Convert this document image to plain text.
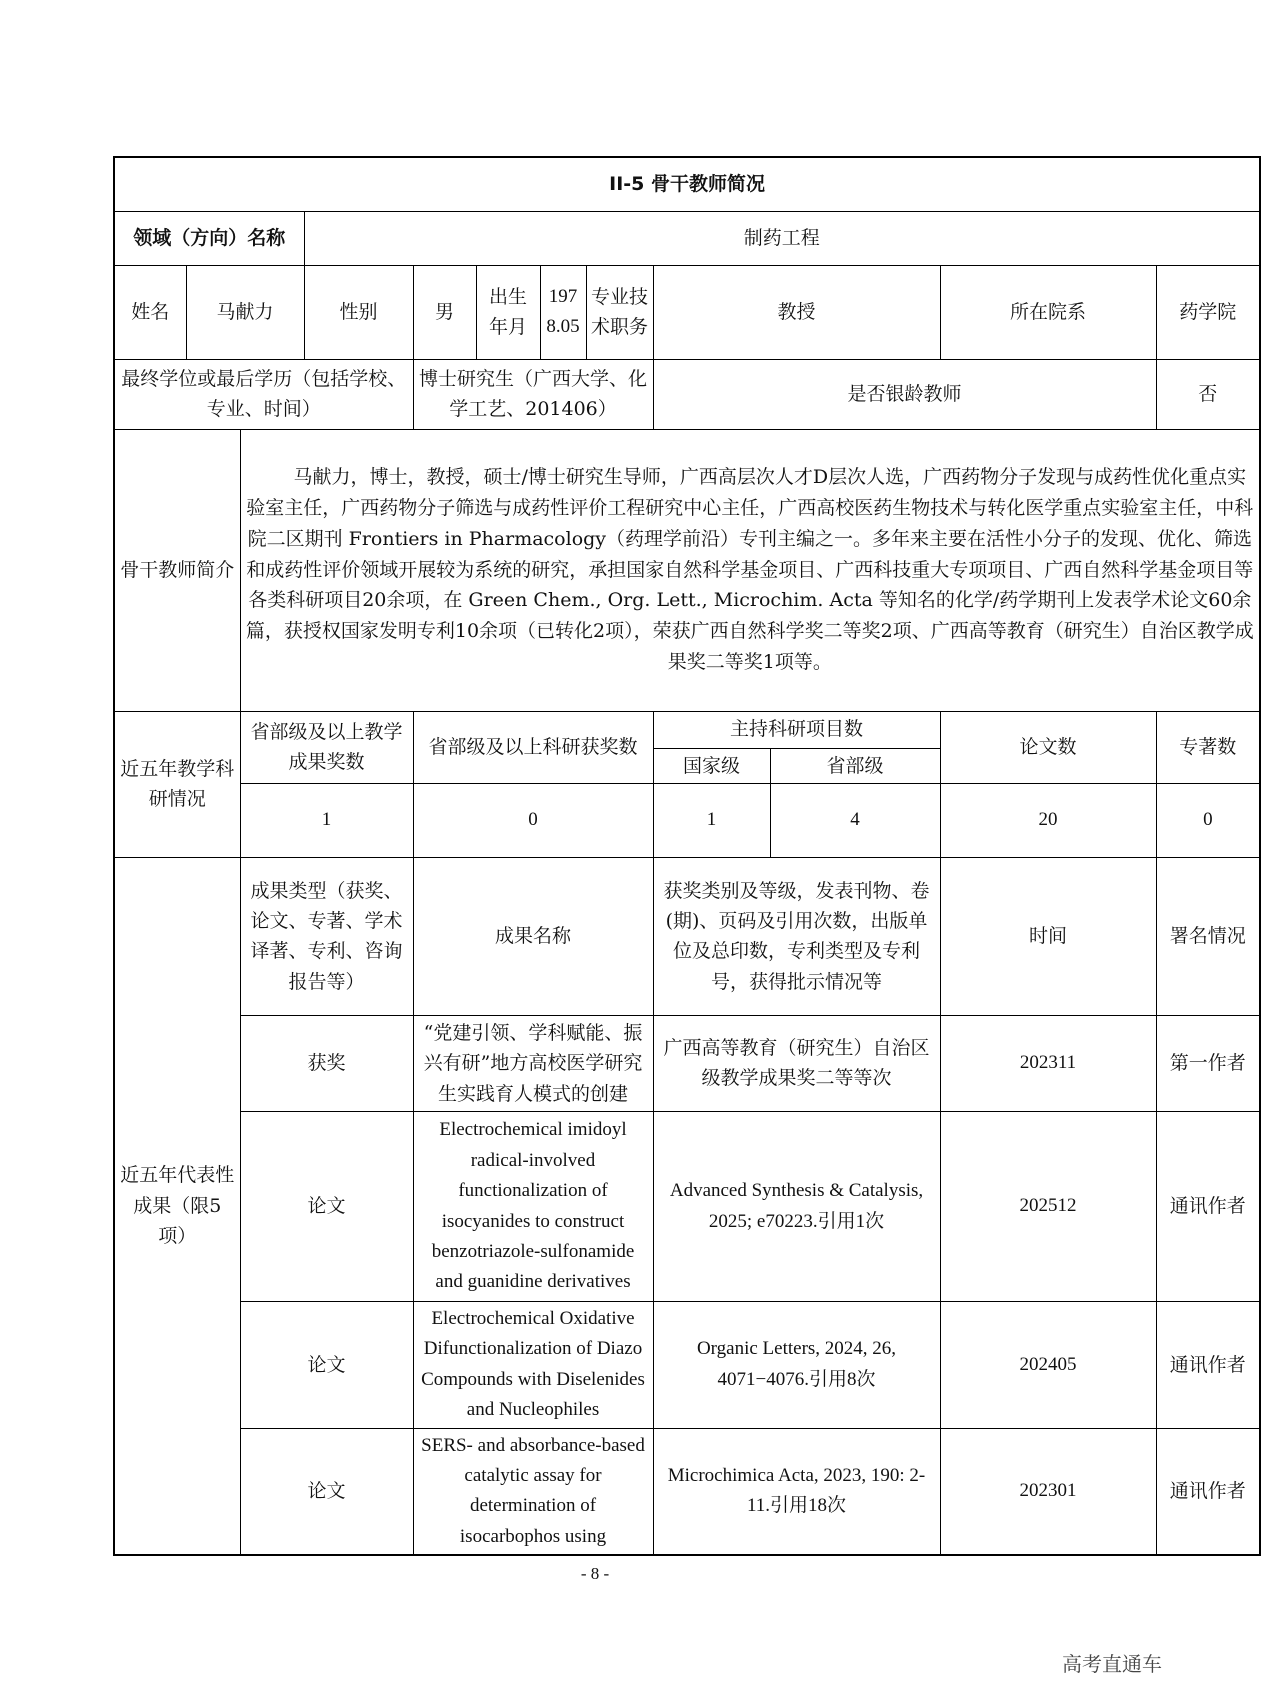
II-5 骨干教师简况											
领域（方向）名称			制药工程								
姓名	马献力		性别	男	出生年月	1978.05	专业技术职务	教授		所在院系	药学院
最终学位或最后学历（包括学校、专业、时间）				博士研究生（广西大学、化学工艺、201406）				是否银龄教师			否
骨干教师简介		马献力，博士，教授，硕士/博士研究生导师，广西高层次人才D层次人选，广西药物分子发现与成药性优化重点实验室主任，广西药物分子筛选与成药性评价工程研究中心主任，广西高校医药生物技术与转化医学重点实验室主任，中科院二区期刊 Frontiers in Pharmacology（药理学前沿）专刊主编之一。多年来主要在活性小分子的发现、优化、筛选和成药性评价领域开展较为系统的研究，承担国家自然科学基金项目、广西科技重大专项项目、广西自然科学基金项目等各类科研项目20余项，在 Green Chem., Org. Lett., Microchim. Acta 等知名的化学/药学期刊上发表学术论文60余篇，获授权国家发明专利10余项（已转化2项），荣获广西自然科学奖二等奖2项、广西高等教育（研究生）自治区教学成果奖二等奖1项等。									
近五年教学科研情况		省部级及以上教学成果奖数		省部级及以上科研获奖数				主持科研项目数		论文数	专著数
								国家级	省部级		
		1		0				1	4	20	0
近五年代表性成果（限5项）		成果类型（获奖、论文、专著、学术译著、专利、咨询报告等）		成果名称				获奖类别及等级，发表刊物、卷(期)、页码及引用次数，出版单位及总印数，专利类型及专利号，获得批示情况等		时间	署名情况
		获奖		“党建引领、学科赋能、振兴有研”地方高校医学研究生实践育人模式的创建				广西高等教育（研究生）自治区级教学成果奖二等等次		202311	第一作者
		论文		Electrochemical imidoyl radical-involved functionalization of isocyanides to construct benzotriazole-sulfonamide and guanidine derivatives				Advanced Synthesis & Catalysis, 2025; e70223.引用1次		202512	通讯作者
		论文		Electrochemical Oxidative Difunctionalization of Diazo Compounds with Diselenides and Nucleophiles				Organic Letters, 2024, 26, 4071−4076.引用8次		202405	通讯作者
		论文		SERS- and absorbance-based catalytic assay for determination of isocarbophos using				Microchimica Acta, 2023, 190: 2-11.引用18次		202301	通讯作者
- 8 -
高考直通车
